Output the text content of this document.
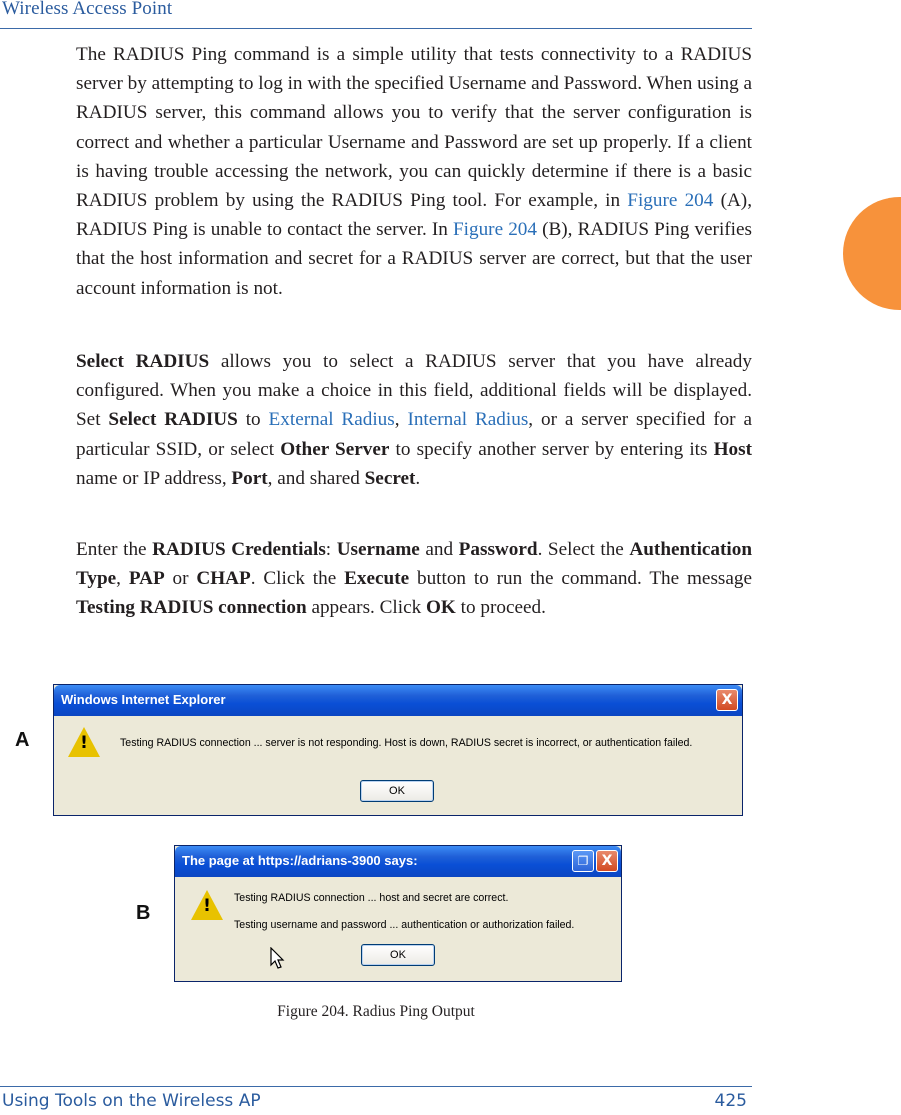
Wireless Access Point

The RADIUS Ping command is a simple utility that tests connectivity to a RADIUS server by attempting to log in with the specified Username and Password. When using a RADIUS server, this command allows you to verify that the server configuration is correct and whether a particular Username and Password are set up properly. If a client is having trouble accessing the network, you can quickly determine if there is a basic RADIUS problem by using the RADIUS Ping tool. For example, in Figure 204 (A), RADIUS Ping is unable to contact the server. In Figure 204 (B), RADIUS Ping verifies that the host information and secret for a RADIUS server are correct, but that the user account information is not.

Select RADIUS allows you to select a RADIUS server that you have already configured. When you make a choice in this field, additional fields will be displayed. Set Select RADIUS to External Radius, Internal Radius, or a server specified for a particular SSID, or select Other Server to specify another server by entering its Host name or IP address, Port, and shared Secret.

Enter the RADIUS Credentials: Username and Password. Select the Authentication Type, PAP or CHAP. Click the Execute button to run the command. The message Testing RADIUS connection appears. Click OK to proceed.

A
Windows Internet Explorer	X
!	Testing RADIUS connection ... server is not responding. Host is down, RADIUS secret is incorrect, or authentication failed.
OK
B
The page at https://adrians-3900 says:	❐ X
!	Testing RADIUS connection ... host and secret are correct.
Testing username and password ... authentication or authorization failed.
OK
Figure 204. Radius Ping Output
Using Tools on the Wireless AP	425
